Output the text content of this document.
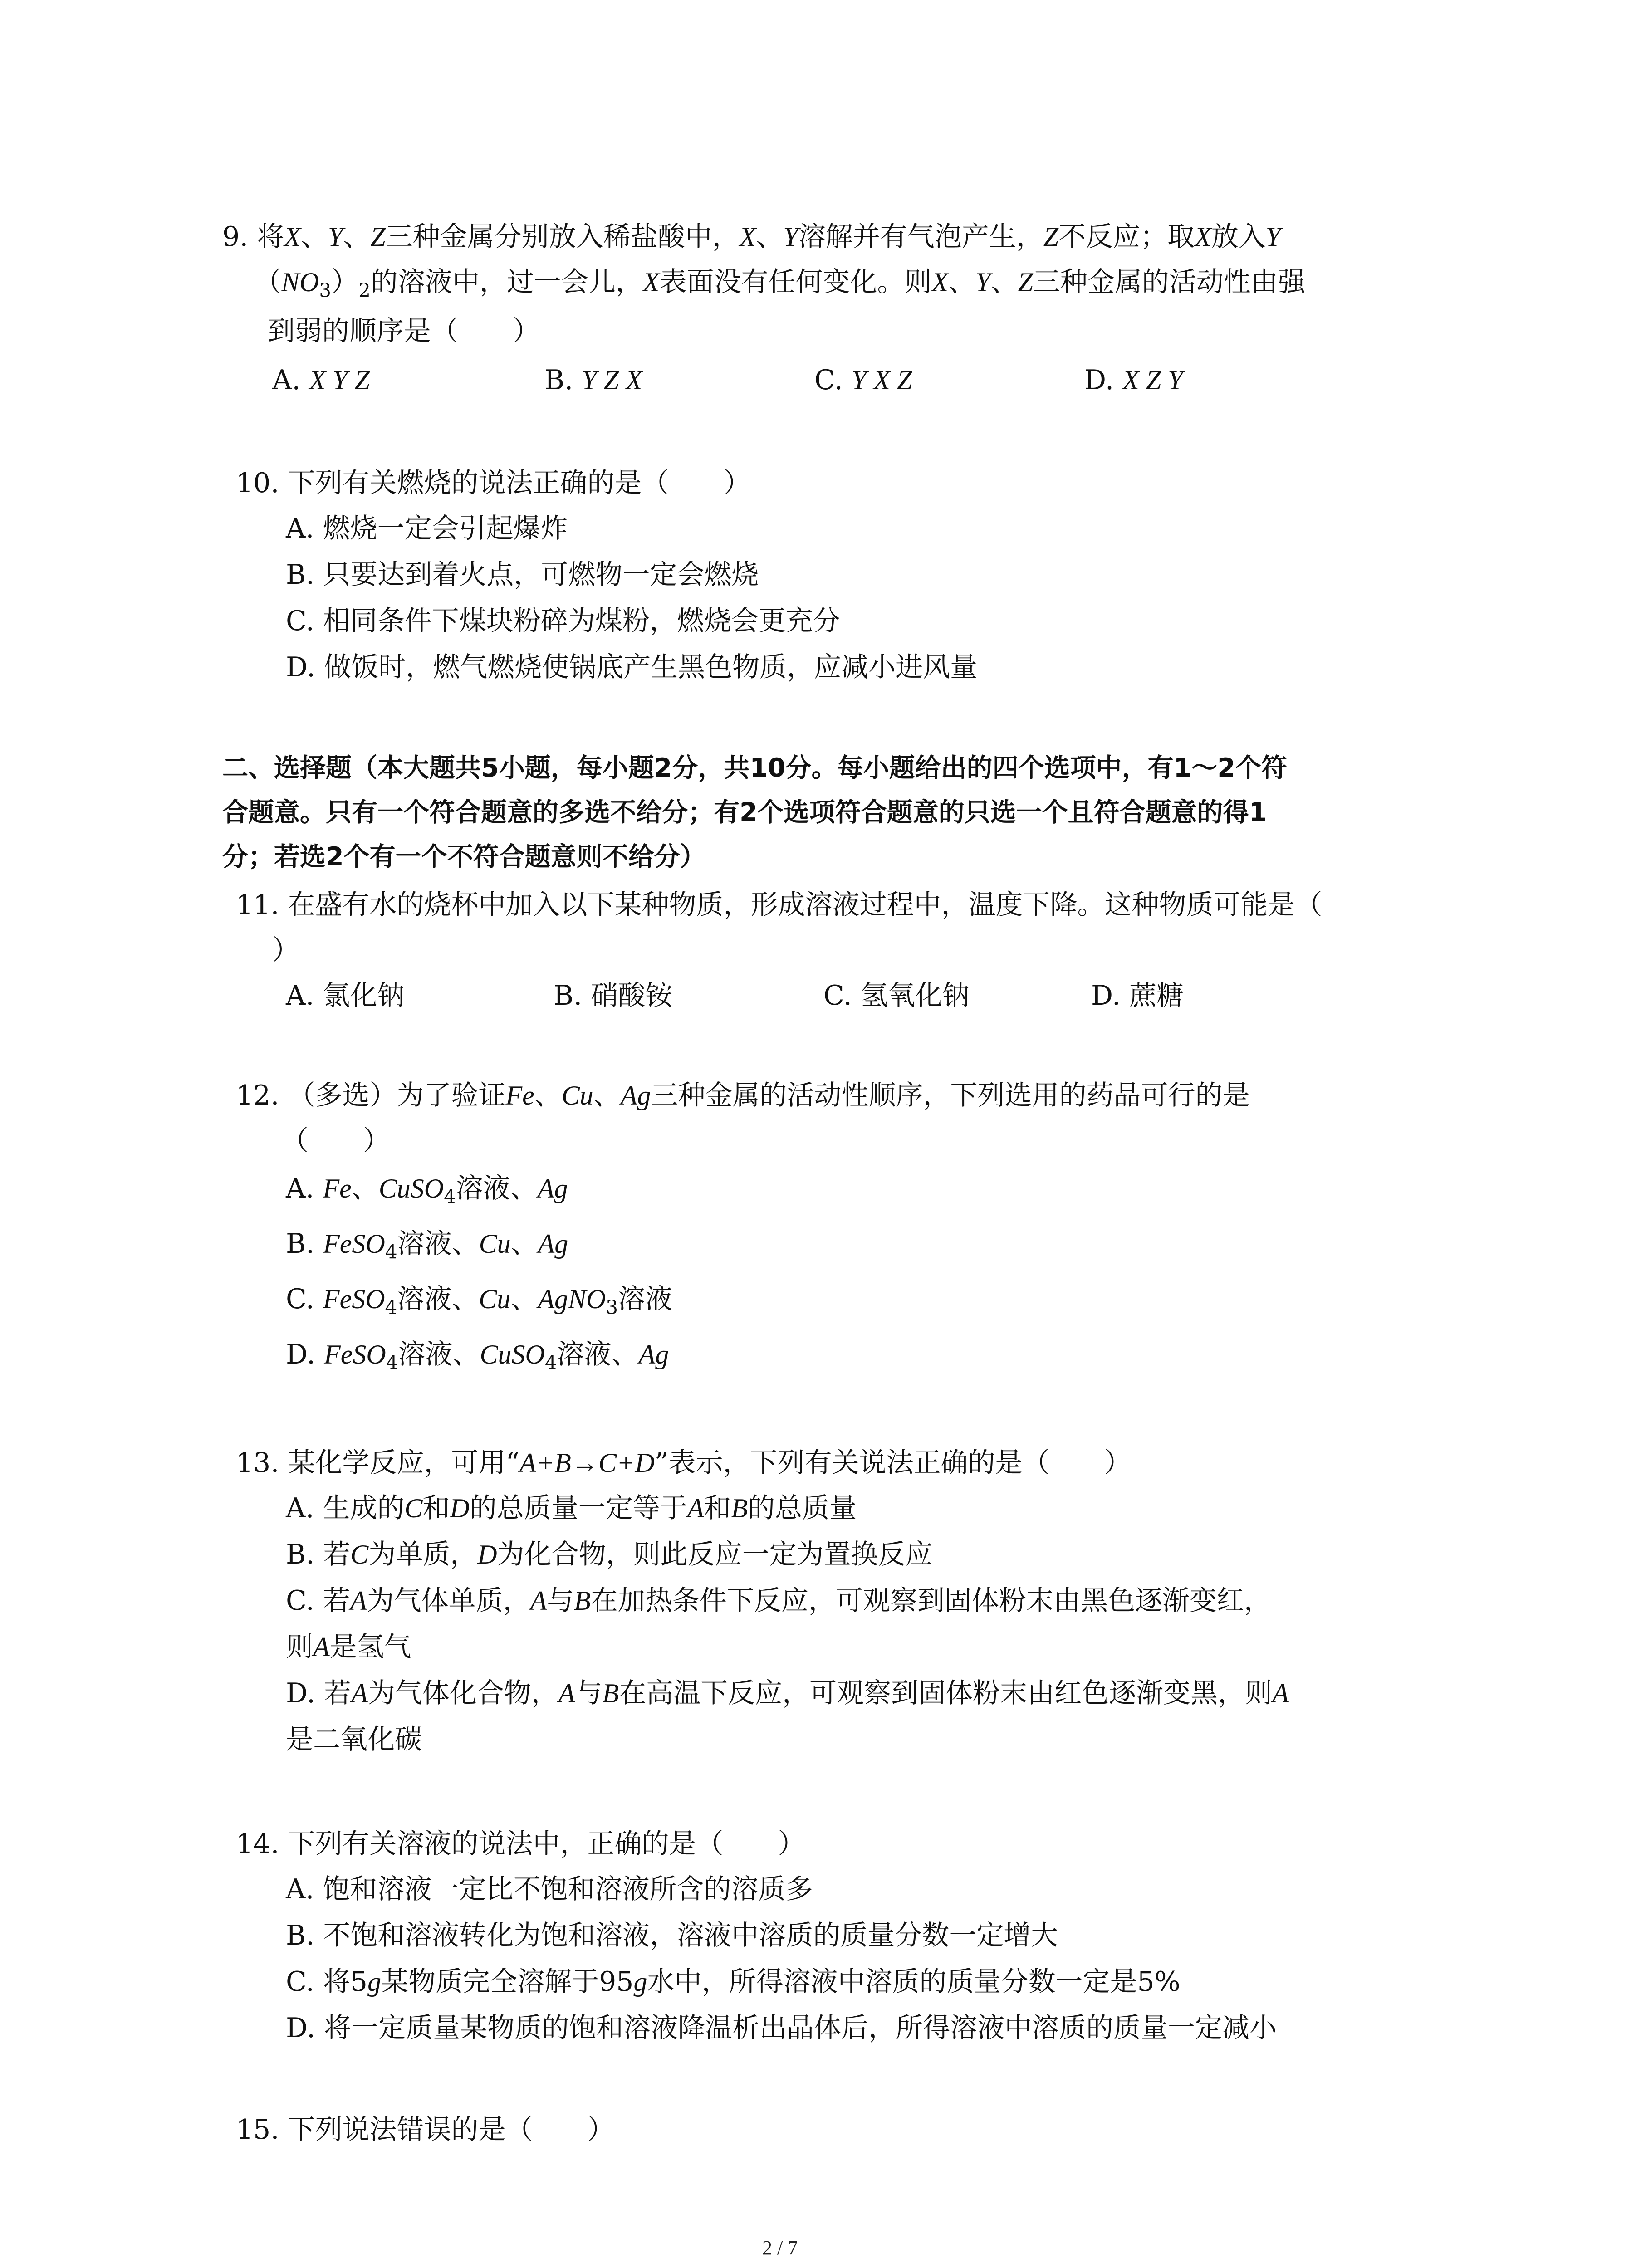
9. 将X、Y、Z三种金属分别放入稀盐酸中，X、Y溶解并有气泡产生，Z不反应；取X放入Y
$(NO_3)_2$的溶液中，过一会儿，X表面没有任何变化。则X、Y、Z三种金属的活动性由强
到弱的顺序是（　　）
A. X Y Z	B. Y Z X	C. Y X Z	D. X Z Y
10. 下列有关燃烧的说法正确的是（　　）
A. 燃烧一定会引起爆炸
B. 只要达到着火点，可燃物一定会燃烧
C. 相同条件下煤块粉碎为煤粉，燃烧会更充分
D. 做饭时，燃气燃烧使锅底产生黑色物质，应减小进风量
二、选择题（本大题共5小题，每小题2分，共10分。每小题给出的四个选项中，有1～2个符
合题意。只有一个符合题意的多选不给分；有2个选项符合题意的只选一个且符合题意的得1
分；若选2个有一个不符合题意则不给分）
11. 在盛有水的烧杯中加入以下某种物质，形成溶液过程中，温度下降。这种物质可能是（
）
A. 氯化钠	B. 硝酸铵	C. 氢氧化钠	D. 蔗糖
12. （多选）为了验证Fe、Cu、Ag三种金属的活动性顺序，下列选用的药品可行的是
（　　）
A. Fe、CuSO$_4$溶液、Ag
B. FeSO$_4$溶液、Cu、Ag
C. FeSO$_4$溶液、Cu、AgNO$_3$溶液
D. FeSO$_4$溶液、CuSO$_4$溶液、Ag
13. 某化学反应，可用“A+B→C+D”表示，下列有关说法正确的是（　　）
A. 生成的C和D的总质量一定等于A和B的总质量
B. 若C为单质，D为化合物，则此反应一定为置换反应
C. 若A为气体单质，A与B在加热条件下反应，可观察到固体粉末由黑色逐渐变红，
则A是氢气
D. 若A为气体化合物，A与B在高温下反应，可观察到固体粉末由红色逐渐变黑，则A
是二氧化碳
14. 下列有关溶液的说法中，正确的是（　　）
A. 饱和溶液一定比不饱和溶液所含的溶质多
B. 不饱和溶液转化为饱和溶液，溶液中溶质的质量分数一定增大
C. 将5g某物质完全溶解于95g水中，所得溶液中溶质的质量分数一定是5%
D. 将一定质量某物质的饱和溶液降温析出晶体后，所得溶液中溶质的质量一定减小
15. 下列说法错误的是（　　）
2 / 7
